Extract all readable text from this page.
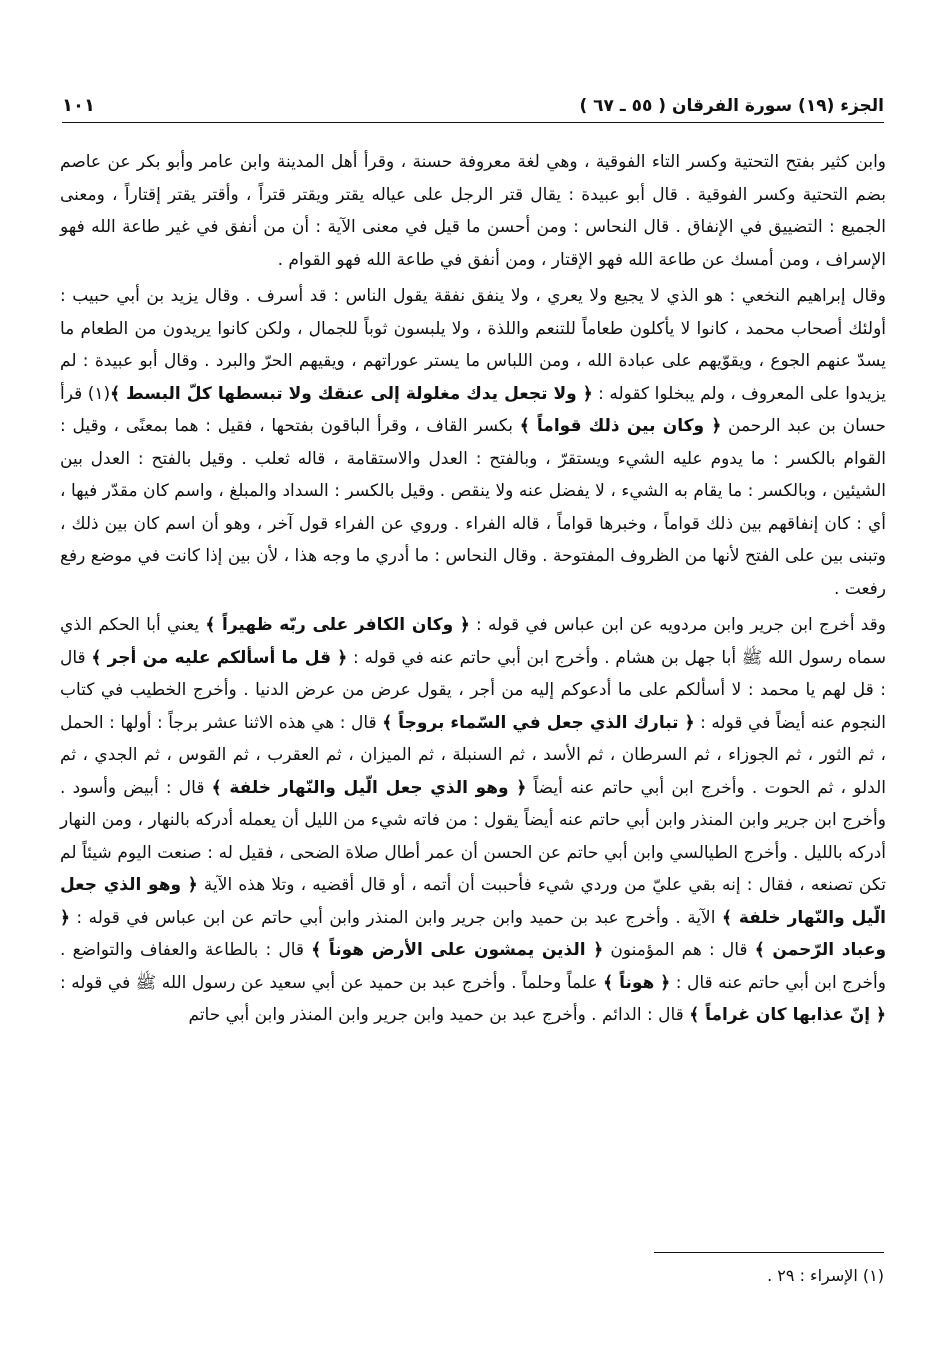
الجزء (١٩) سورة الفرقان ( ٥٥ ـ ٦٧ )
١٠١

وابن كثير بفتح التحتية وكسر التاء الفوقية ، وهي لغة معروفة حسنة ، وقرأ أهل المدينة وابن عامر وأبو بكر عن عاصم بضم التحتية وكسر الفوقية . قال أبو عبيدة : يقال قتر الرجل على عياله يقتر ويقتر قتراً ، وأقتر يقتر إقتاراً ، ومعنى الجميع : التضييق في الإنفاق . قال النحاس : ومن أحسن ما قيل في معنى الآية : أن من أنفق في غير طاعة الله فهو الإسراف ، ومن أمسك عن طاعة الله فهو الإقتار ، ومن أنفق في طاعة الله فهو القوام .

وقال إبراهيم النخعي : هو الذي لا يجيع ولا يعري ، ولا ينفق نفقة يقول الناس : قد أسرف . وقال يزيد بن أبي حبيب : أولئك أصحاب محمد ، كانوا لا يأكلون طعاماً للتنعم واللذة ، ولا يلبسون ثوباً للجمال ، ولكن كانوا يريدون من الطعام ما يسدّ عنهم الجوع ، ويقوّيهم على عبادة الله ، ومن اللباس ما يستر عوراتهم ، ويقيهم الحرّ والبرد . وقال أبو عبيدة : لم يزيدوا على المعروف ، ولم يبخلوا كقوله : ﴿ ولا تجعل يدك مغلولة إلى عنقك ولا تبسطها كلّ البسط ﴾(١) قرأ حسان بن عبد الرحمن ﴿ وكان بين ذلك قواماً ﴾ بكسر القاف ، وقرأ الباقون بفتحها ، فقيل : هما بمعنًى ، وقيل : القوام بالكسر : ما يدوم عليه الشيء ويستقرّ ، وبالفتح : العدل والاستقامة ، قاله ثعلب . وقيل بالفتح : العدل بين الشيئين ، وبالكسر : ما يقام به الشيء ، لا يفضل عنه ولا ينقص . وقيل بالكسر : السداد والمبلغ ، واسم كان مقدّر فيها ، أي : كان إنفاقهم بين ذلك قواماً ، وخبرها قواماً ، قاله الفراء . وروي عن الفراء قول آخر ، وهو أن اسم كان بين ذلك ، وتبنى بين على الفتح لأنها من الظروف المفتوحة . وقال النحاس : ما أدري ما وجه هذا ، لأن بين إذا كانت في موضع رفع رفعت .

وقد أخرج ابن جرير وابن مردويه عن ابن عباس في قوله : ﴿ وكان الكافر على ربّه ظهيراً ﴾ يعني أبا الحكم الذي سماه رسول الله ﷺ أبا جهل بن هشام . وأخرج ابن أبي حاتم عنه في قوله : ﴿ قل ما أسألكم عليه من أجر ﴾ قال : قل لهم يا محمد : لا أسألكم على ما أدعوكم إليه من أجر ، يقول عرض من عرض الدنيا . وأخرج الخطيب في كتاب النجوم عنه أيضاً في قوله : ﴿ تبارك الذي جعل في السّماء بروجاً ﴾ قال : هي هذه الاثنا عشر برجاً : أولها : الحمل ، ثم الثور ، ثم الجوزاء ، ثم السرطان ، ثم الأسد ، ثم السنبلة ، ثم الميزان ، ثم العقرب ، ثم القوس ، ثم الجدي ، ثم الدلو ، ثم الحوت . وأخرج ابن أبي حاتم عنه أيضاً ﴿ وهو الذي جعل الّيل والنّهار خلفة ﴾ قال : أبيض وأسود . وأخرج ابن جرير وابن المنذر وابن أبي حاتم عنه أيضاً يقول : من فاته شيء من الليل أن يعمله أدركه بالنهار ، ومن النهار أدركه بالليل . وأخرج الطيالسي وابن أبي حاتم عن الحسن أن عمر أطال صلاة الضحى ، فقيل له : صنعت اليوم شيئاً لم تكن تصنعه ، فقال : إنه بقي عليّ من وردي شيء فأحببت أن أتمه ، أو قال أقضيه ، وتلا هذه الآية ﴿ وهو الذي جعل الّيل والنّهار خلفة ﴾ الآية . وأخرج عبد بن حميد وابن جرير وابن المنذر وابن أبي حاتم عن ابن عباس في قوله : ﴿ وعباد الرّحمن ﴾ قال : هم المؤمنون ﴿ الذين يمشون على الأرض هوناً ﴾ قال : بالطاعة والعفاف والتواضع . وأخرج ابن أبي حاتم عنه قال : ﴿ هوناً ﴾ علماً وحلماً . وأخرج عبد بن حميد عن أبي سعيد عن رسول الله ﷺ في قوله : ﴿ إنّ عذابها كان غراماً ﴾ قال : الدائم . وأخرج عبد بن حميد وابن جرير وابن المنذر وابن أبي حاتم

(١) الإسراء : ٢٩ .
